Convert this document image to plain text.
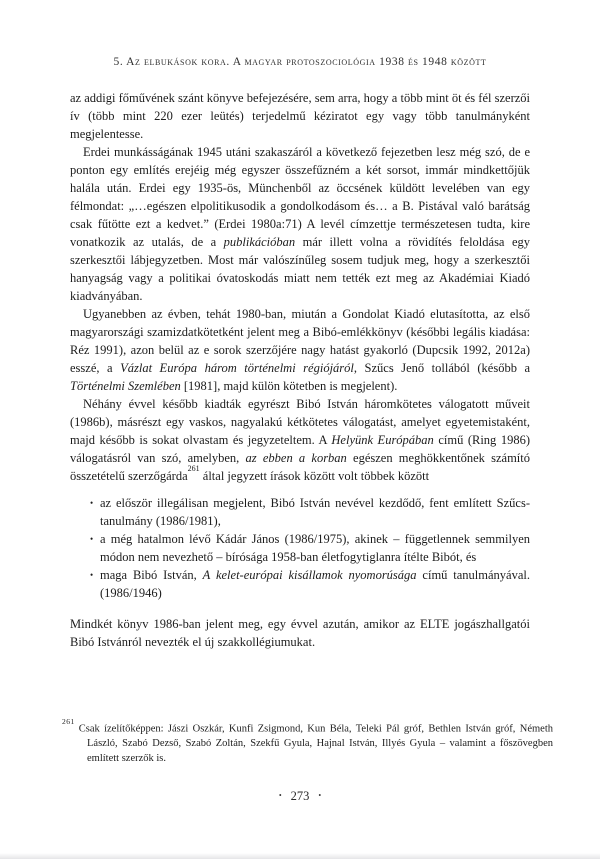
5. Az elbukások kora. A magyar protoszociológia 1938 és 1948 között

az addigi főművének szánt könyve befejezésére, sem arra, hogy a több mint öt és fél szerzői ív (több mint 220 ezer leütés) terjedelmű kéziratot egy vagy több tanulmányként megjelentesse.

Erdei munkásságának 1945 utáni szakaszáról a következő fejezetben lesz még szó, de e ponton egy említés erejéig még egyszer összefűzném a két sorsot, immár mindkettőjük halála után. Erdei egy 1935-ös, Münchenből az öccsének küldött levelében van egy félmondat: „…egészen elpolitikusodik a gondolkodásom és… a B. Pistával való barátság csak fűtötte ezt a kedvet.” (Erdei 1980a:71) A levél címzettje természetesen tudta, kire vonatkozik az utalás, de a publikációban már illett volna a rövidítés feloldása egy szerkesztői lábjegyzetben. Most már valószínűleg sosem tudjuk meg, hogy a szerkesztői hanyagság vagy a politikai óvatoskodás miatt nem tették ezt meg az Akadémiai Kiadó kiadványában.

Ugyanebben az évben, tehát 1980-ban, miután a Gondolat Kiadó elutasította, az első magyarországi szamizdatkötetként jelent meg a Bibó-emlékkönyv (későbbi legális kiadása: Réz 1991), azon belül az e sorok szerzőjére nagy hatást gyakorló (Dupcsik 1992, 2012a) esszé, a Vázlat Európa három történelmi régiójáról, Szűcs Jenő tollából (később a Történelmi Szemlében [1981], majd külön kötetben is megjelent).

Néhány évvel később kiadták egyrészt Bibó István háromkötetes válogatott műveit (1986b), másrészt egy vaskos, nagyalakú kétkötetes válogatást, amelyet egyetemistaként, majd később is sokat olvastam és jegyzeteltem. A Helyünk Európában című (Ring 1986) válogatásról van szó, amelyben, az ebben a korban egészen meghökkentőnek számító összetételű szerzőgárda$^{261}$ által jegyzett írások között volt többek között

• az először illegálisan megjelent, Bibó István nevével kezdődő, fent említett Szűcs-tanulmány (1986/1981),
• a még hatalmon lévő Kádár János (1986/1975), akinek – függetlennek semmilyen módon nem nevezhető – bírósága 1958-ban életfogytiglanra ítélte Bibót, és
• maga Bibó István, A kelet-európai kisállamok nyomorúsága című tanulmányával. (1986/1946)

Mindkét könyv 1986-ban jelent meg, egy évvel azután, amikor az ELTE jogászhallgatói Bibó Istvánról nevezték el új szakkollégiumukat.

$^{261}$Csak ízelítőképpen: Jászi Oszkár, Kunfi Zsigmond, Kun Béla, Teleki Pál gróf, Bethlen István gróf, Németh László, Szabó Dezső, Szabó Zoltán, Szekfű Gyula, Hajnal István, Illyés Gyula – valamint a főszövegben említett szerzők is.
• 273 •
